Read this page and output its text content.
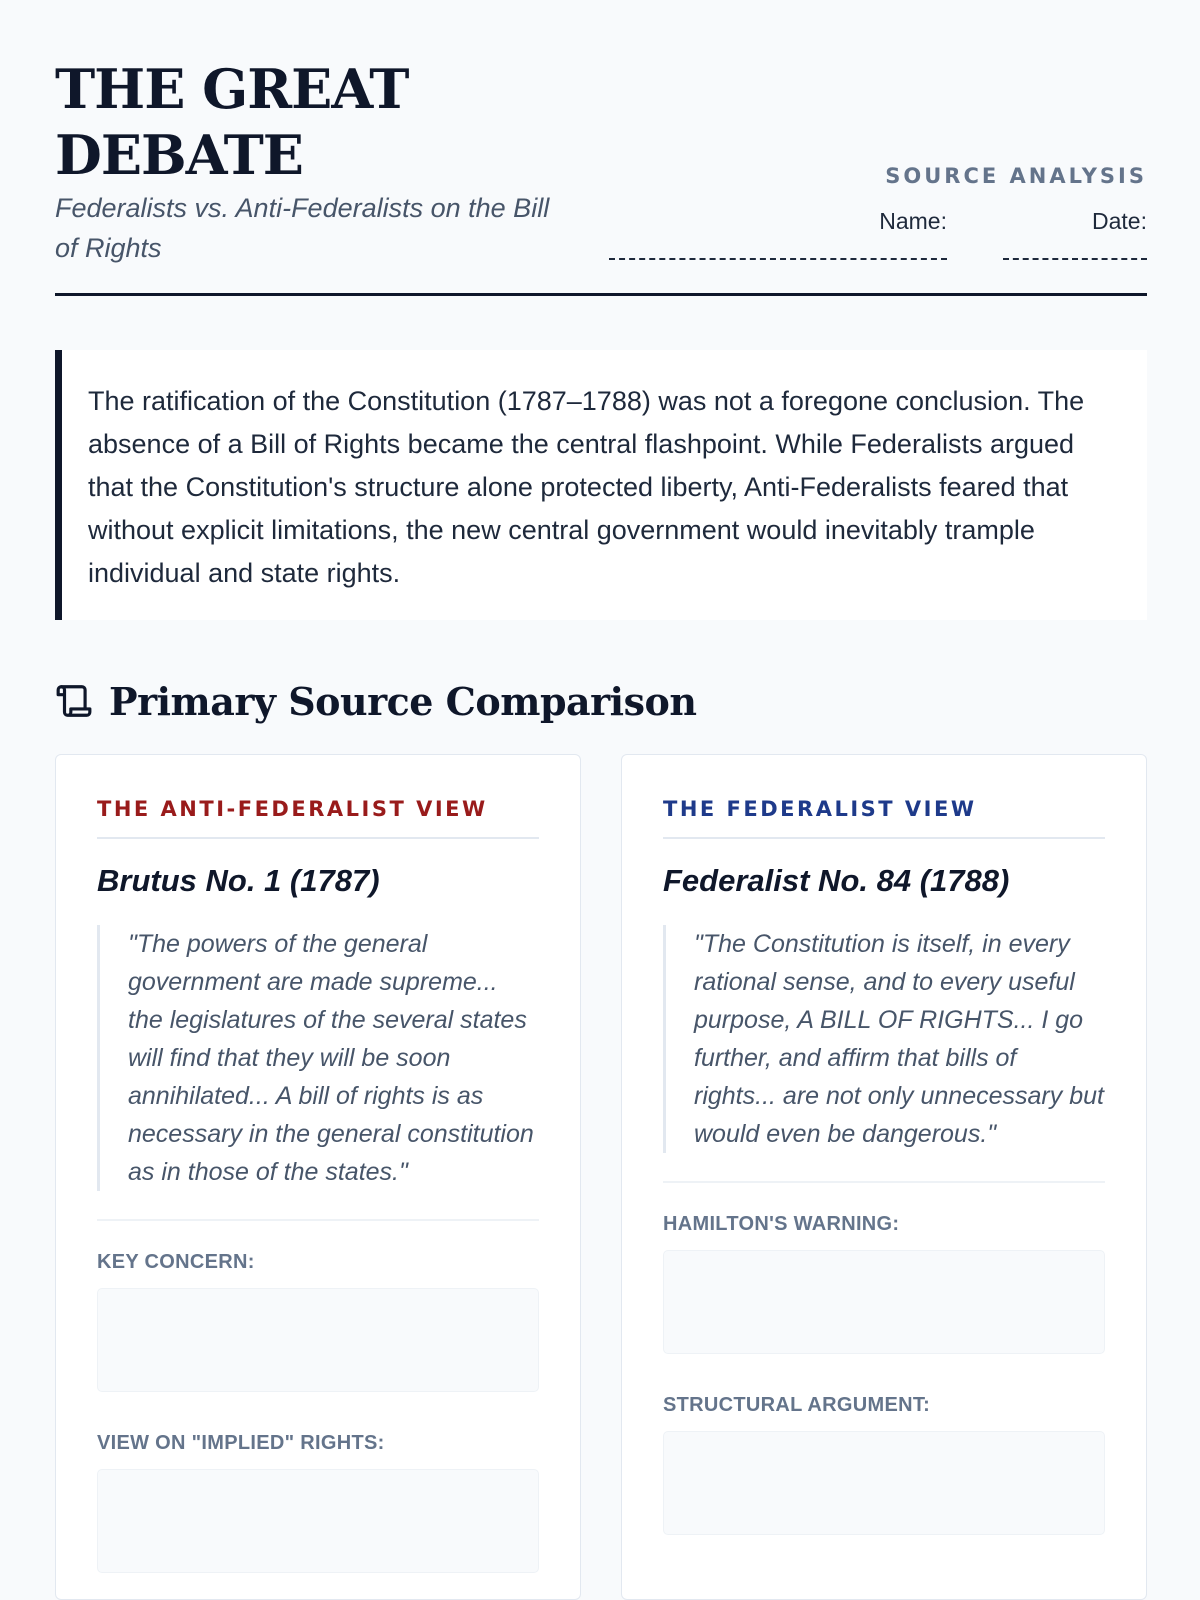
THE GREAT DEBATE

Federalists vs. Anti-Federalists on the Bill of Rights

SOURCE ANALYSIS
Name:	Date:

The ratification of the Constitution (1787–1788) was not a foregone conclusion. The absence of a Bill of Rights became the central flashpoint. While Federalists argued that the Constitution's structure alone protected liberty, Anti-Federalists feared that without explicit limitations, the new central government would inevitably trample individual and state rights.

Primary Source Comparison
THE ANTI-FEDERALIST VIEW
Brutus No. 1 (1787)
"The powers of the general government are made supreme... the legislatures of the several states will find that they will be soon annihilated... A bill of rights is as necessary in the general constitution as in those of the states."
KEY CONCERN:
VIEW ON "IMPLIED" RIGHTS:
THE FEDERALIST VIEW
Federalist No. 84 (1788)
"The Constitution is itself, in every rational sense, and to every useful purpose, A BILL OF RIGHTS... I go further, and affirm that bills of rights... are not only unnecessary but would even be dangerous."
HAMILTON'S WARNING:
STRUCTURAL ARGUMENT:
